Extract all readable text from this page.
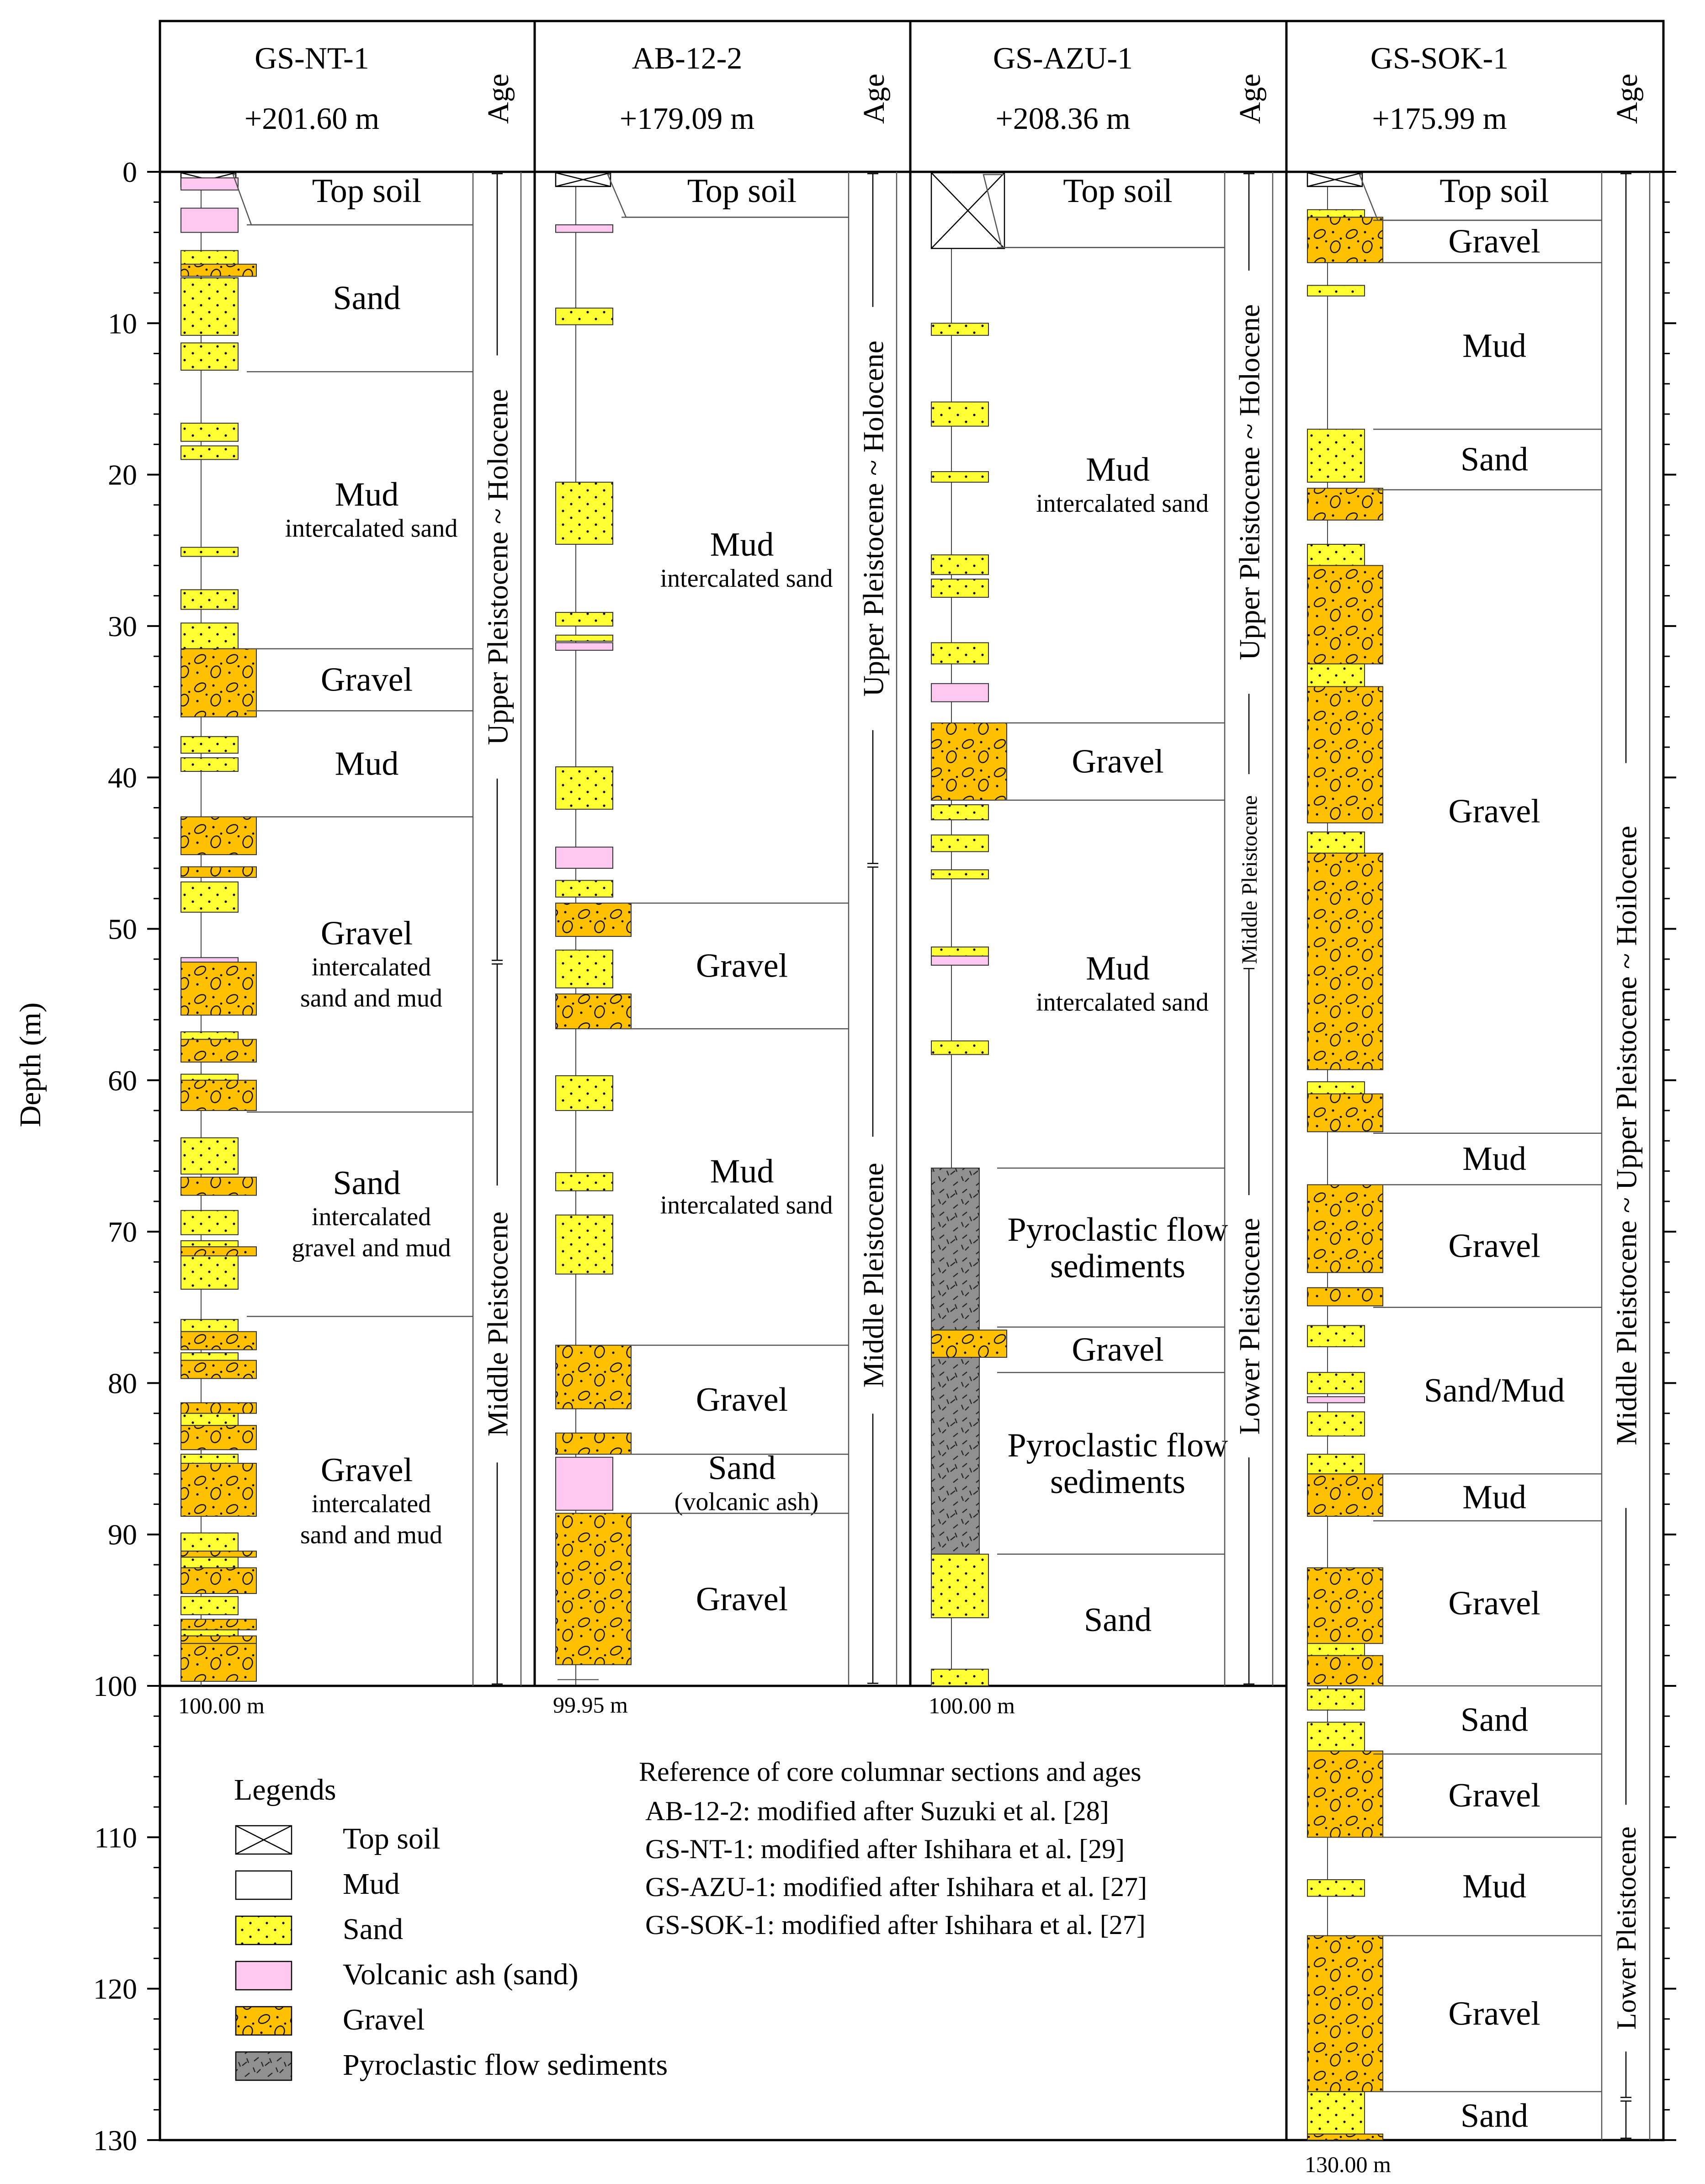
GS-NT-1
+201.60 m	Age
AB-12-2
+179.09 m	Age
GS-AZU-1
+208.36 m	Age
GS-SOK-1
+175.99 m	Age
Top soil
Sand
Mud
intercalated sand
Gravel
Mud
Gravel
intercalated
sand and mud
Sand
intercalated
gravel and mud
Gravel
intercalated
sand and mud
Upper Pleistocene ~ Holocene
Middle Pleistocene
100.00 m
Top soil
Mud
intercalated sand
Gravel
Mud
intercalated sand
Gravel
Sand
(volcanic ash)
Gravel
Upper Pleistocene ~ Holocene
Middle Pleistocene
99.95 m
Top soil
Mud
intercalated sand
Gravel
Mud
intercalated sand
Pyroclastic flow
sediments
Gravel
Pyroclastic flow
sediments
Sand
Upper Pleistocene ~ Holocene
Middle Pleistocene
Lower Pleistocene
100.00 m
Top soil
Gravel
Mud
Sand
Gravel
Mud
Gravel
Sand/Mud
Mud
Gravel
Sand
Gravel
Mud
Gravel
Sand
Middle Pleistocene ~ Upper Pleistocene ~ Hoilocene
Lower Pleistocene
130.00 m
Depth (m)
0
10
20
30
40
50
60
70
80
90
100
110
120
130
Legends
Top soil
Mud
Sand
Volcanic ash (sand)
Gravel
Pyroclastic flow sediments
Reference of core columnar sections and ages
AB-12-2: modified after Suzuki et al. [28]
GS-NT-1: modified after Ishihara et al. [29]
GS-AZU-1: modified after Ishihara et al. [27]
GS-SOK-1: modified after Ishihara et al. [27]
